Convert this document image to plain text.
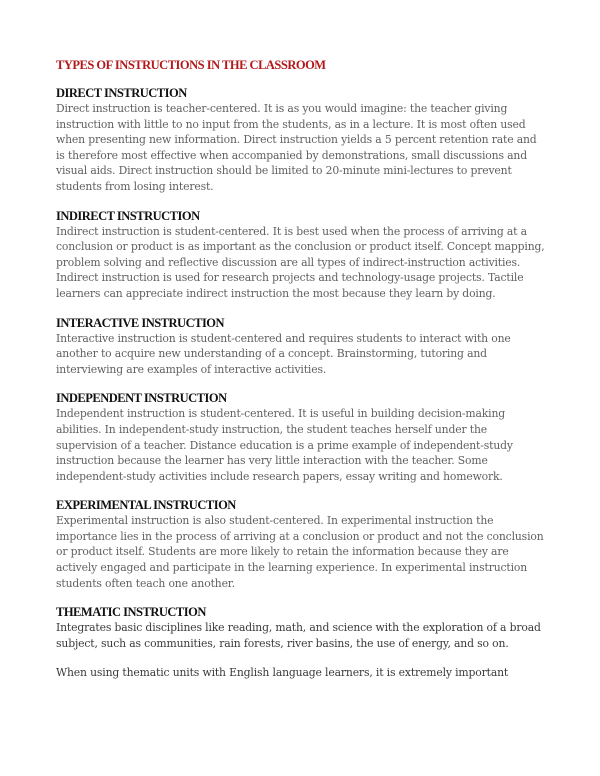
TYPES OF INSTRUCTIONS IN THE CLASSROOM
DIRECT INSTRUCTION

Direct instruction is teacher-centered. It is as you would imagine: the teacher giving instruction with little to no input from the students, as in a lecture. It is most often used when presenting new information. Direct instruction yields a 5 percent retention rate and is therefore most effective when accompanied by demonstrations, small discussions and visual aids. Direct instruction should be limited to 20-minute mini-lectures to prevent students from losing interest.

INDIRECT INSTRUCTION

Indirect instruction is student-centered. It is best used when the process of arriving at a conclusion or product is as important as the conclusion or product itself. Concept mapping, problem solving and reflective discussion are all types of indirect-instruction activities. Indirect instruction is used for research projects and technology-usage projects. Tactile learners can appreciate indirect instruction the most because they learn by doing.

INTERACTIVE INSTRUCTION

Interactive instruction is student-centered and requires students to interact with one another to acquire new understanding of a concept. Brainstorming, tutoring and interviewing are examples of interactive activities.

INDEPENDENT INSTRUCTION

Independent instruction is student-centered. It is useful in building decision-making abilities. In independent-study instruction, the student teaches herself under the supervision of a teacher. Distance education is a prime example of independent-study instruction because the learner has very little interaction with the teacher. Some independent-study activities include research papers, essay writing and homework.

EXPERIMENTAL INSTRUCTION

Experimental instruction is also student-centered. In experimental instruction the importance lies in the process of arriving at a conclusion or product and not the conclusion or product itself. Students are more likely to retain the information because they are actively engaged and participate in the learning experience. In experimental instruction students often teach one another.

THEMATIC INSTRUCTION

Integrates basic disciplines like reading, math, and science with the exploration of a broad subject, such as communities, rain forests, river basins, the use of energy, and so on.

When using thematic units with English language learners, it is extremely important
